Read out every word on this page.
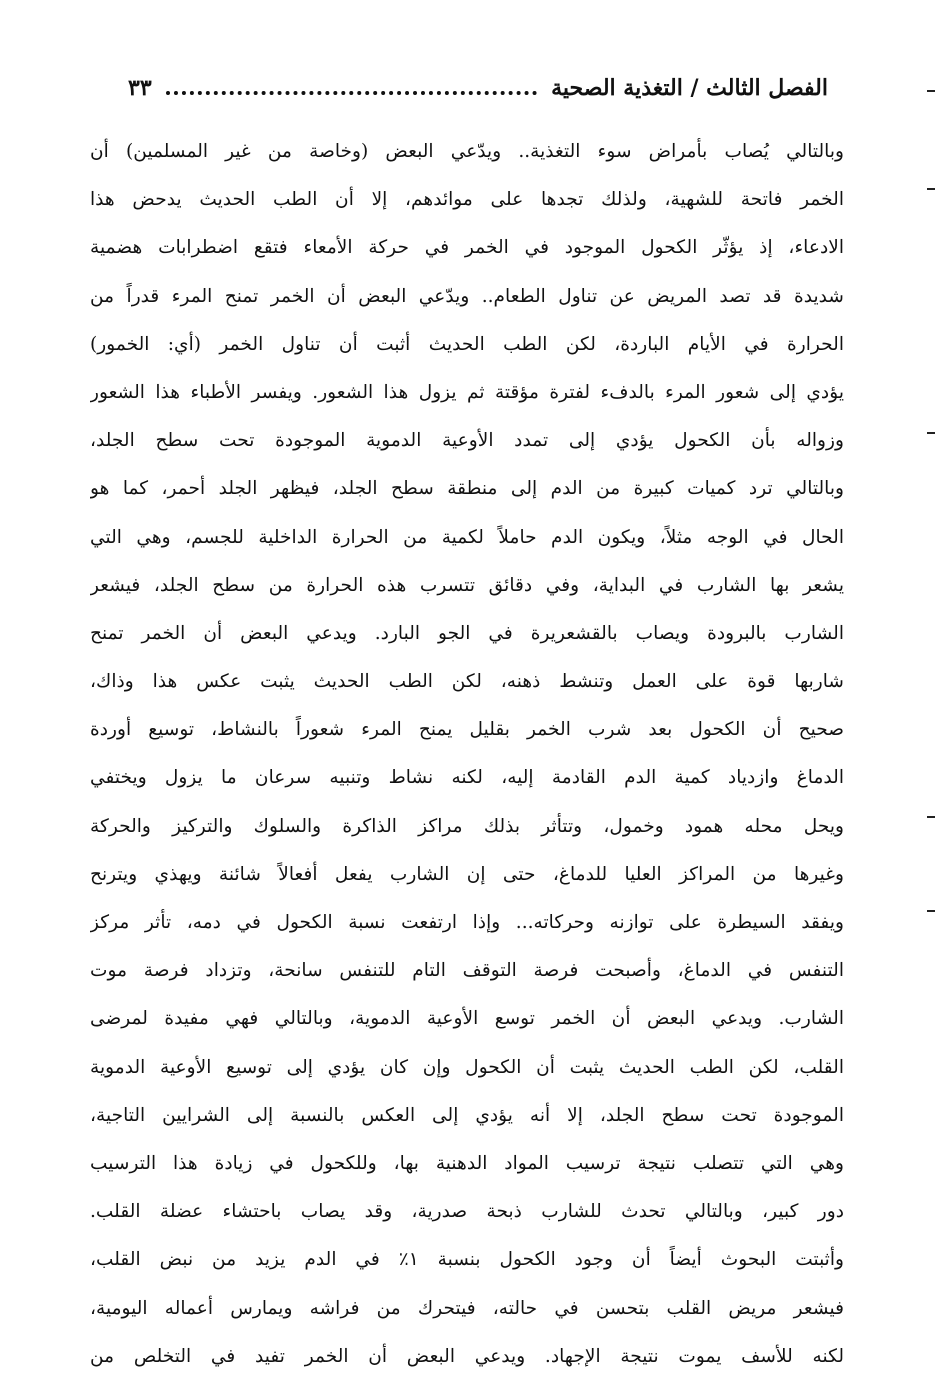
الفصل الثالث / التغذية الصحية
٣٣
وبالتالي يُصاب بأمراض سوء التغذية.. ويدّعي البعض (وخاصة من غير المسلمين) أن
الخمر فاتحة للشهية، ولذلك تجدها على موائدهم، إلا أن الطب الحديث يدحض هذا
الادعاء، إذ يؤثّر الكحول الموجود في الخمر في حركة الأمعاء فتقع اضطرابات هضمية
شديدة قد تصد المريض عن تناول الطعام.. ويدّعي البعض أن الخمر تمنح المرء قدراً من
الحرارة في الأيام الباردة، لكن الطب الحديث أثبت أن تناول الخمر (أي: الخمور)
يؤدي إلى شعور المرء بالدفء لفترة مؤقتة ثم يزول هذا الشعور. ويفسر الأطباء هذا الشعور
وزواله بأن الكحول يؤدي إلى تمدد الأوعية الدموية الموجودة تحت سطح الجلد،
وبالتالي ترد كميات كبيرة من الدم إلى منطقة سطح الجلد، فيظهر الجلد أحمر، كما هو
الحال في الوجه مثلاً، ويكون الدم حاملاً لكمية من الحرارة الداخلية للجسم، وهي التي
يشعر بها الشارب في البداية، وفي دقائق تتسرب هذه الحرارة من سطح الجلد، فيشعر
الشارب بالبرودة ويصاب بالقشعريرة في الجو البارد. ويدعي البعض أن الخمر تمنح
شاربها قوة على العمل وتنشط ذهنه، لكن الطب الحديث يثبت عكس هذا وذاك،
صحيح أن الكحول بعد شرب الخمر بقليل يمنح المرء شعوراً بالنشاط، توسيع أوردة
الدماغ وازدياد كمية الدم القادمة إليه، لكنه نشاط وتنبيه سرعان ما يزول ويختفي
ويحل محله همود وخمول، وتتأثر بذلك مراكز الذاكرة والسلوك والتركيز والحركة
وغيرها من المراكز العليا للدماغ، حتى إن الشارب يفعل أفعالاً شائنة ويهذي ويترنح
ويفقد السيطرة على توازنه وحركاته... وإذا ارتفعت نسبة الكحول في دمه، تأثر مركز
التنفس في الدماغ، وأصبحت فرصة التوقف التام للتنفس سانحة، وتزداد فرصة موت
الشارب. ويدعي البعض أن الخمر توسع الأوعية الدموية، وبالتالي فهي مفيدة لمرضى
القلب، لكن الطب الحديث يثبت أن الكحول وإن كان يؤدي إلى توسيع الأوعية الدموية
الموجودة تحت سطح الجلد، إلا أنه يؤدي إلى العكس بالنسبة إلى الشرايين التاجية،
وهي التي تتصلب نتيجة ترسيب المواد الدهنية بها، وللكحول في زيادة هذا الترسيب
دور كبير، وبالتالي تحدث للشارب ذبحة صدرية، وقد يصاب باحتشاء عضلة القلب.
وأثبتت البحوث أيضاً أن وجود الكحول بنسبة ١٪ في الدم يزيد من نبض القلب،
فيشعر مريض القلب بتحسن في حالته، فيتحرك من فراشه ويمارس أعماله اليومية،
لكنه للأسف يموت نتيجة الإجهاد. ويدعي البعض أن الخمر تفيد في التخلص من
